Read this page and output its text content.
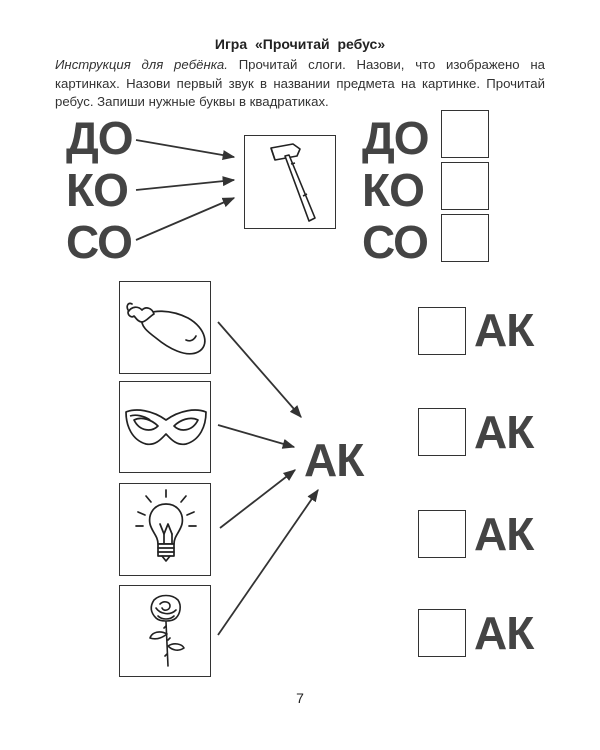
Игра «Прочитай ребус»
Инструкция для ребёнка. Прочитай слоги. Назови, что изображено на картинках. Назови первый звук в названии предмета на картинке. Прочитай ребус. Запиши нужные буквы в квадратиках.
ДО
КО
СО
ДО
КО
СО
АК
АК
АК
АК
АК
7
